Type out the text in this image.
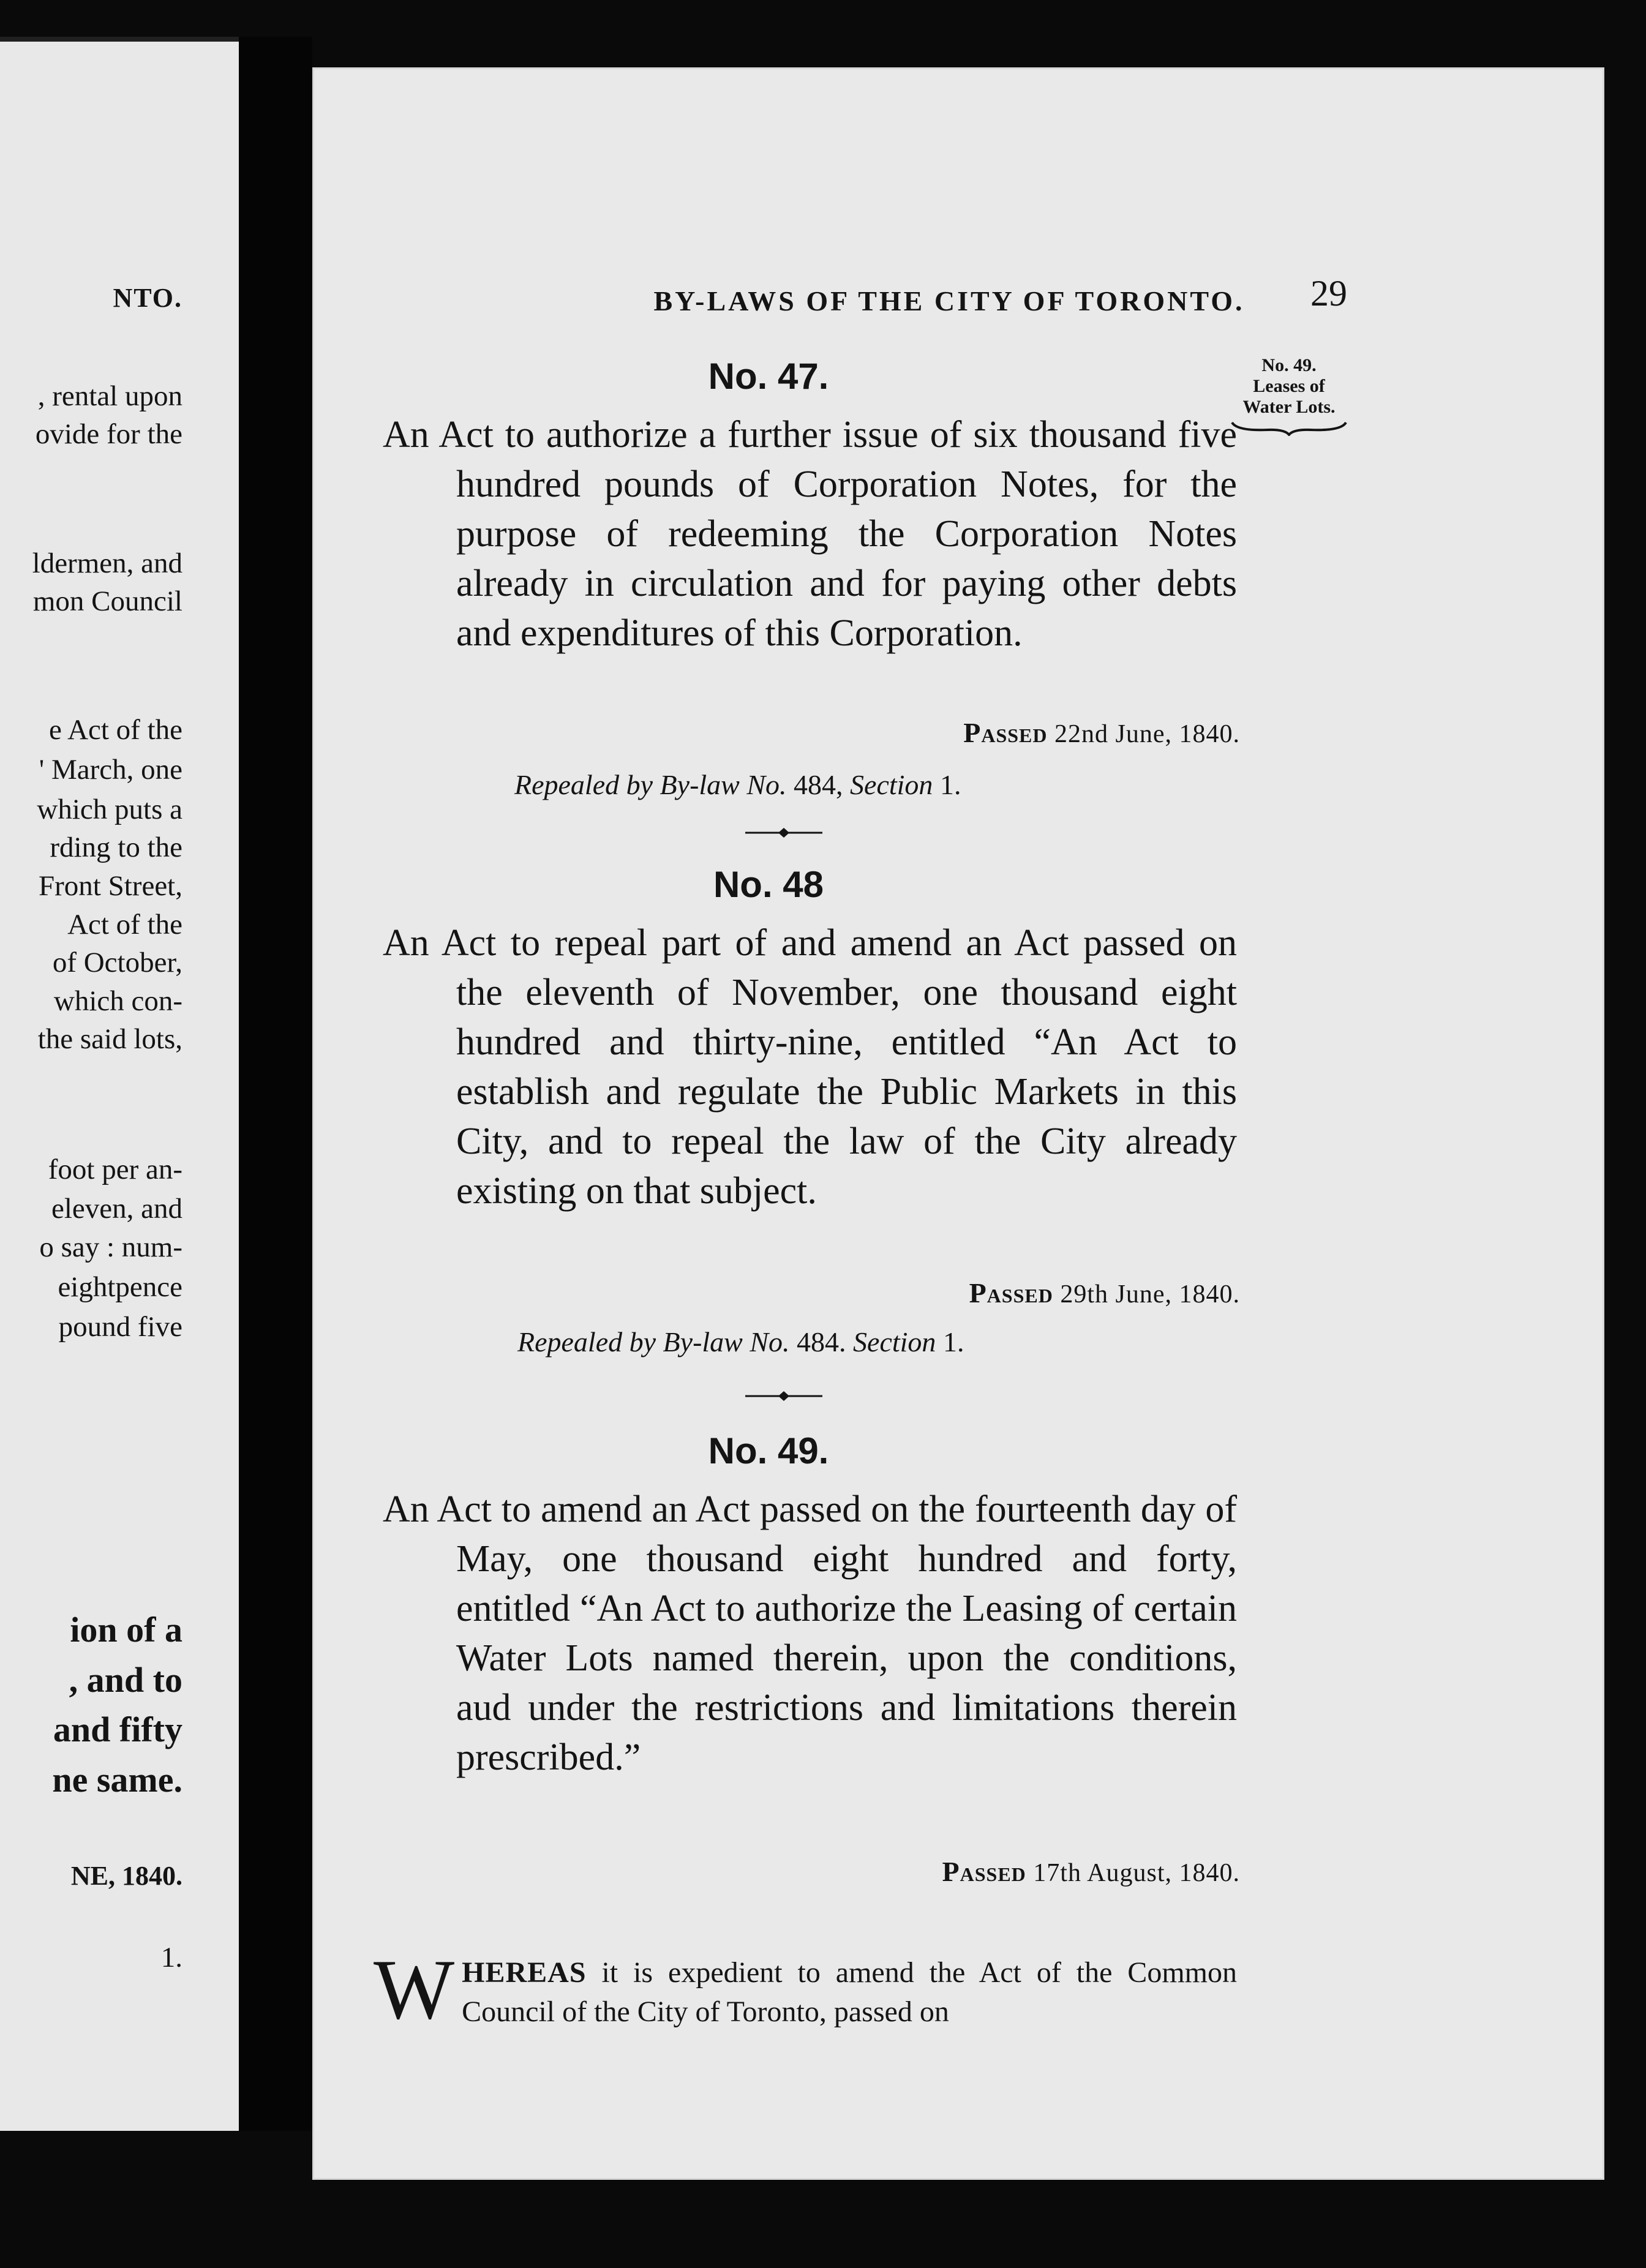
NTO.
, rental upon
ovide for the
ldermen, and
mon Council
e Act of the
' March, one
which puts a
rding to the
Front Street,
Act of the
of October,
which con-
the said lots,
foot per an-
eleven, and
o say : num-
eightpence
pound five
ion of a
, and to
and fifty
ne same.
NE, 1840.
1.
BY-LAWS OF THE CITY OF TORONTO.	29
No. 49.
Leases of
Water Lots.
No. 47.

An Act to authorize a further issue of six thousand five hundred pounds of Corporation Notes, for the purpose of redeeming the Corporation Notes already in circulation and for paying other debts and expenditures of this Corporation.

Passed 22nd June, 1840.
Repealed by By-law No. 484, Section 1.
No. 48

An Act to repeal part of and amend an Act passed on the eleventh of November, one thousand eight hundred and thirty-nine, entitled “An Act to establish and regulate the Public Markets in this City, and to repeal the law of the City already existing on that subject.

Passed 29th June, 1840.
Repealed by By-law No. 484. Section 1.
No. 49.

An Act to amend an Act passed on the fourteenth day of May, one thousand eight hundred and forty, entitled “An Act to authorize the Leasing of certain Water Lots named therein, upon the conditions, aud under the restrictions and limitations therein prescribed.”

Passed 17th August, 1840.

WHEREAS it is expedient to amend the Act of the Common Council of the City of Toronto, passed on
